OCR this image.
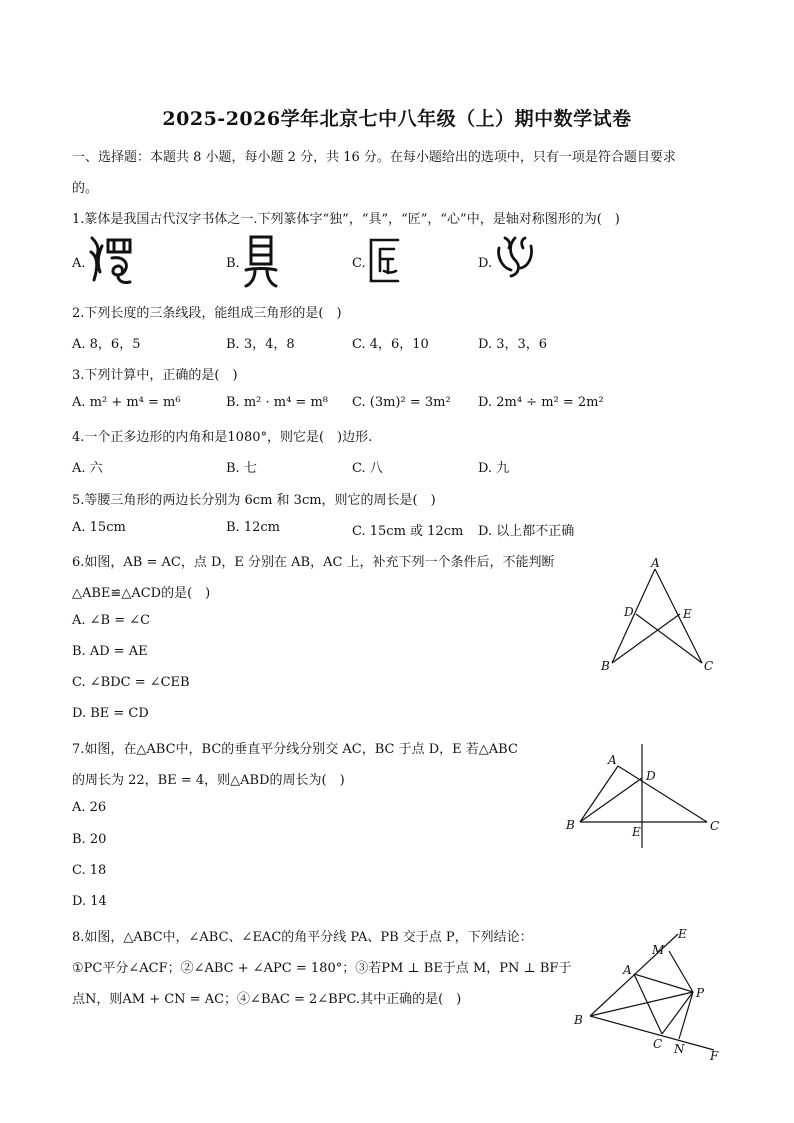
2025-2026学年北京七中八年级（上）期中数学试卷
一、选择题：本题共 8 小题，每小题 2 分，共 16 分。在每小题给出的选项中，只有一项是符合题目要求
的。
1.篆体是我国古代汉字书体之一.下列篆体字“独”，“具”，“匠”，“心”中，是轴对称图形的为(　)
A.	B.	C.	D.
2.下列长度的三条线段，能组成三角形的是(　)
A. 8，6，5	B. 3，4，8	C. 4，6，10	D. 3，3，6
3.下列计算中，正确的是(　)
A. m² + m⁴ = m⁶	B. m² · m⁴ = m⁸ C. (3m)² = 3m² D. 2m⁴ ÷ m² = 2m²
4.一个正多边形的内角和是1080°，则它是(　)边形.
A. 六	B. 七	C. 八	D. 九
5.等腰三角形的两边长分别为 6cm 和 3cm，则它的周长是(　)
A. 15cm	B. 12cm	C. 15cm 或 12cm D. 以上都不正确
6.如图，AB = AC，点 D，E 分别在 AB，AC 上，补充下列一个条件后，不能判断
△ABE≌△ACD的是(　)
A. ∠B = ∠C
B. AD = AE
C. ∠BDC = ∠CEB
D. BE = CD
A
D	E
B	C
7.如图，在△ABC中，BC的垂直平分线分别交 AC，BC 于点 D，E 若△ABC
的周长为 22，BE = 4，则△ABD的周长为(　)
A. 26
B. 20
C. 18
D. 14
A
D
B	E	C
8.如图，△ABC中，∠ABC、∠EAC的角平分线 PA、PB 交于点 P，下列结论：
①PC平分∠ACF；②∠ABC + ∠APC = 180°；③若PM ⊥ BE于点 M，PN ⊥ BF于
点N，则AM + CN = AC；④∠BAC = 2∠BPC.其中正确的是(　)
E
M
A
P
B
C N F
